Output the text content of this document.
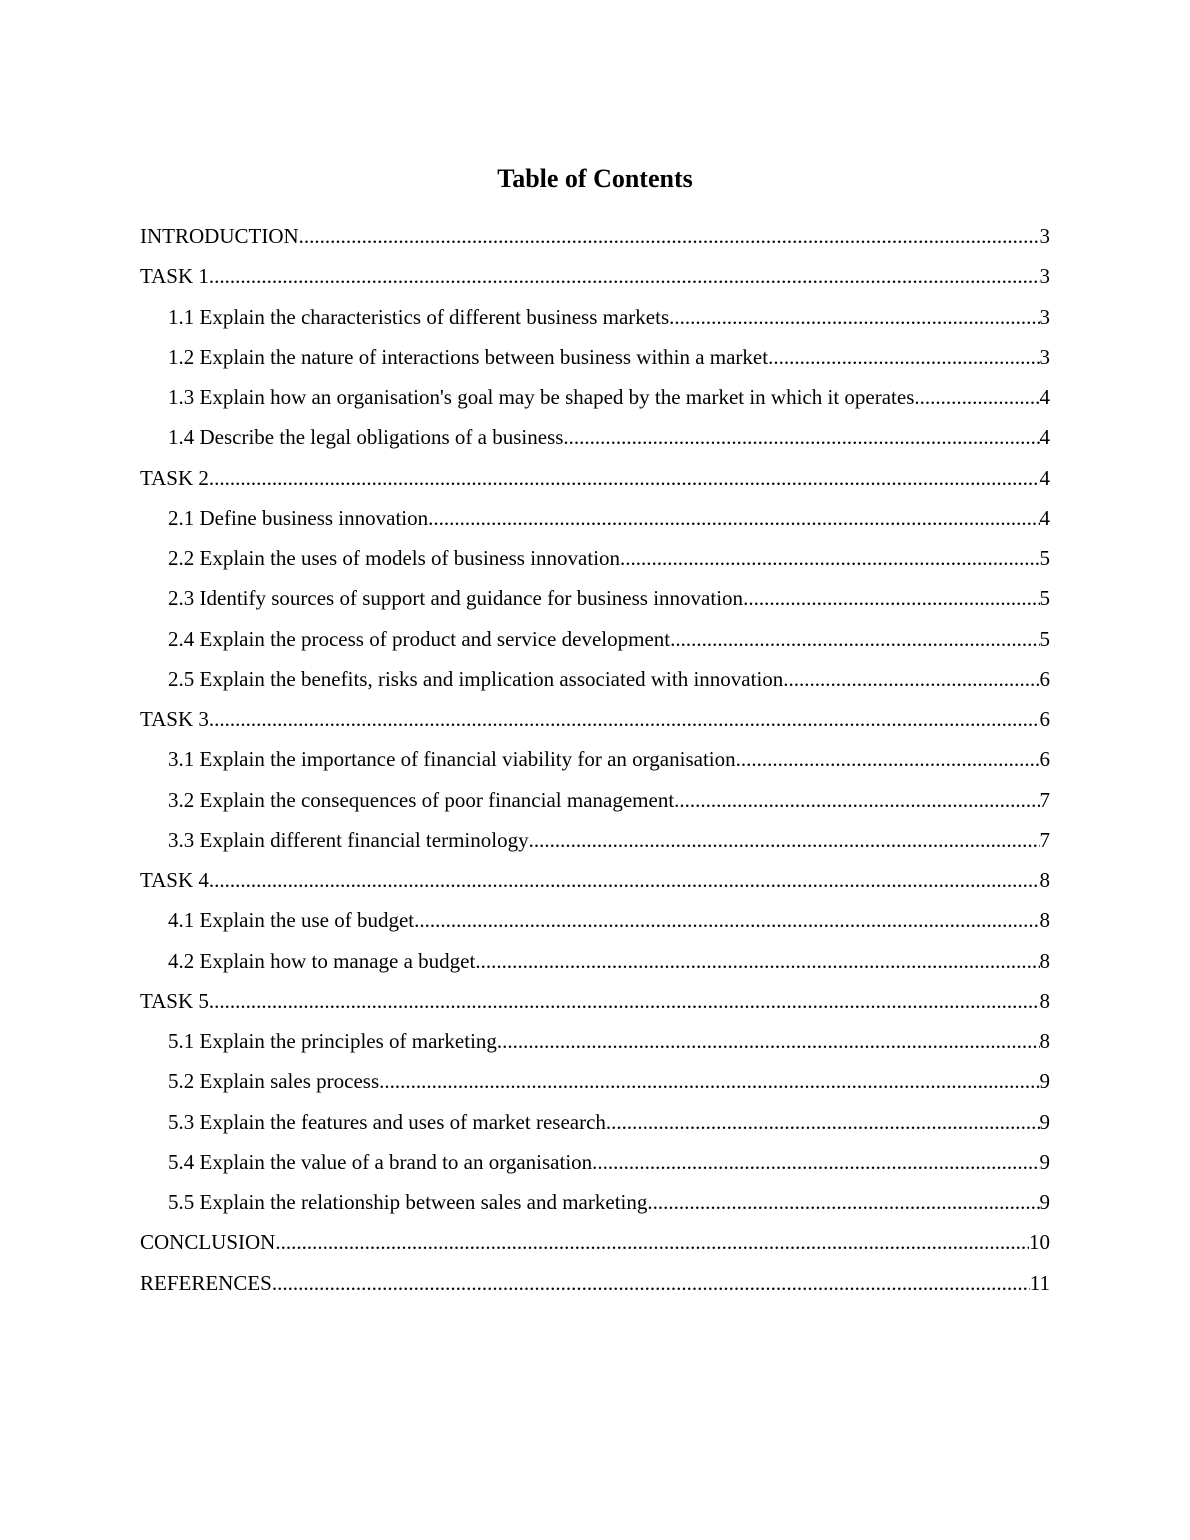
Table of Contents
INTRODUCTION .....	3
TASK 1 .....	3
1.1 Explain the characteristics of different business markets .....	3
1.2 Explain the nature of interactions between business within a market .....	3
1.3 Explain how an organisation's goal may be shaped by the market in which it operates .....	4
1.4 Describe the legal obligations of a business .....	4
TASK 2 .....	4
2.1 Define business innovation .....	4
2.2 Explain the uses of models of business innovation .....	5
2.3 Identify sources of support and guidance for business innovation .....	5
2.4 Explain the process of product and service development .....	5
2.5 Explain the benefits, risks and implication associated with innovation .....	6
TASK 3 .....	6
3.1 Explain the importance of financial viability for an organisation .....	6
3.2 Explain the consequences of poor financial management .....	7
3.3 Explain different financial terminology .....	7
TASK 4 .....	8
4.1 Explain the use of budget .....	8
4.2 Explain how to manage a budget .....	8
TASK 5 .....	8
5.1 Explain the principles of marketing .....	8
5.2 Explain sales process .....	9
5.3 Explain the features and uses of market research .....	9
5.4 Explain the value of a brand to an organisation .....	9
5.5 Explain the relationship between sales and marketing .....	9
CONCLUSION .....	10
REFERENCES .....	11
